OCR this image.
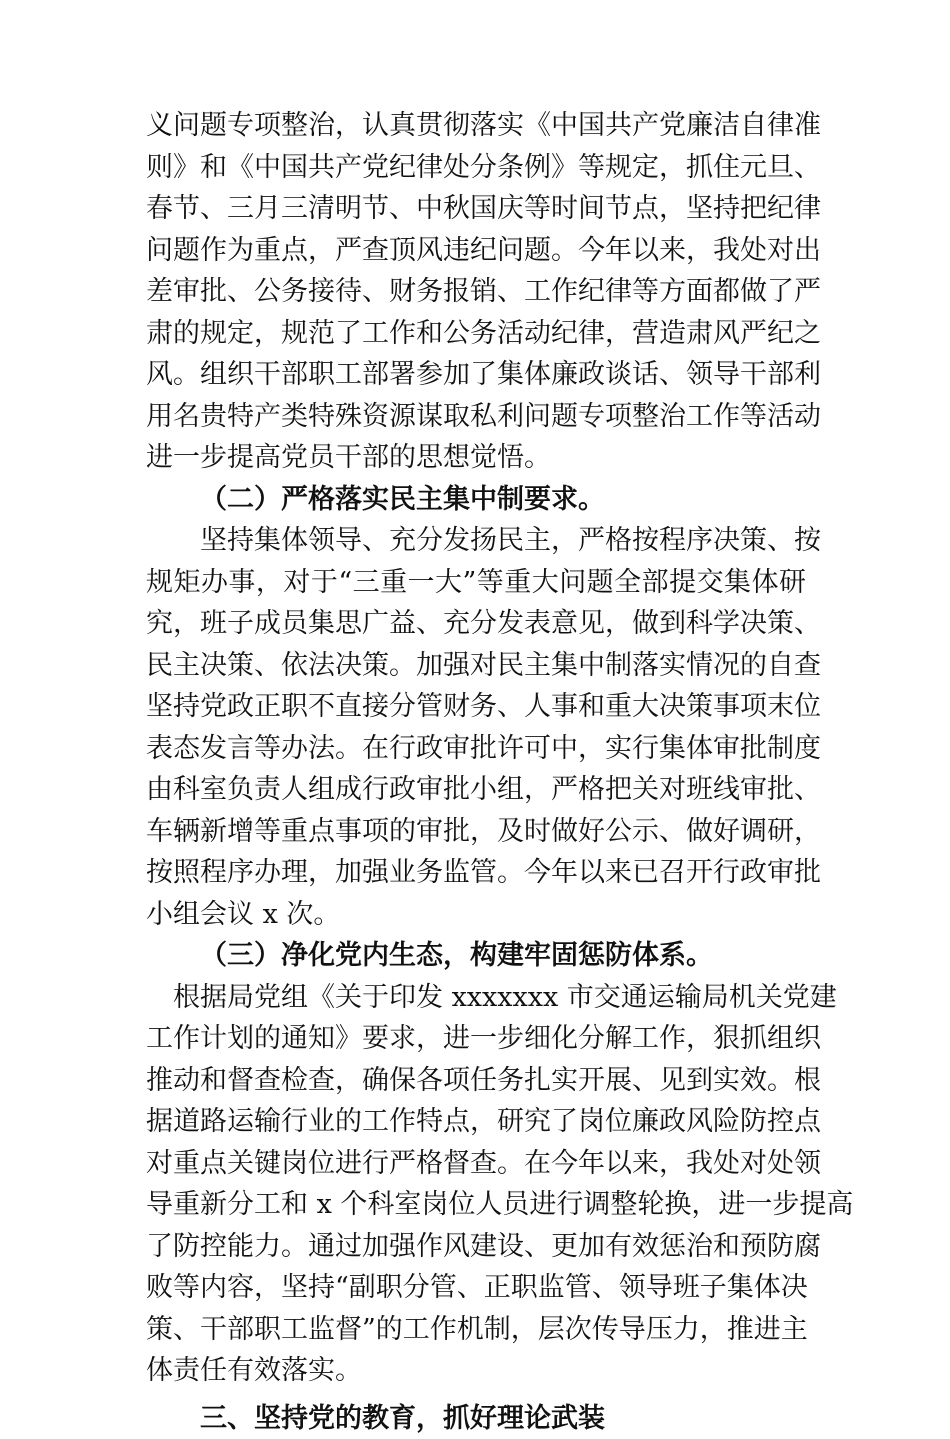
义问题专项整治，认真贯彻落实《中国共产党廉洁自律准
则》和《中国共产党纪律处分条例》等规定，抓住元旦、
春节、三月三清明节、中秋国庆等时间节点，坚持把纪律
问题作为重点，严查顶风违纪问题。今年以来，我处对出
差审批、公务接待、财务报销、工作纪律等方面都做了严
肃的规定，规范了工作和公务活动纪律，营造肃风严纪之
风。组织干部职工部署参加了集体廉政谈话、领导干部利
用名贵特产类特殊资源谋取私利问题专项整治工作等活动
进一步提高党员干部的思想觉悟。
（二）严格落实民主集中制要求。
坚持集体领导、充分发扬民主，严格按程序决策、按
规矩办事，对于“三重一大”等重大问题全部提交集体研
究，班子成员集思广益、充分发表意见，做到科学决策、
民主决策、依法决策。加强对民主集中制落实情况的自查
坚持党政正职不直接分管财务、人事和重大决策事项末位
表态发言等办法。在行政审批许可中，实行集体审批制度
由科室负责人组成行政审批小组，严格把关对班线审批、
车辆新增等重点事项的审批，及时做好公示、做好调研，
按照程序办理，加强业务监管。今年以来已召开行政审批
小组会议 x 次。
（三）净化党内生态，构建牢固惩防体系。
根据局党组《关于印发 xxxxxxx 市交通运输局机关党建
工作计划的通知》要求，进一步细化分解工作，狠抓组织
推动和督查检查，确保各项任务扎实开展、见到实效。根
据道路运输行业的工作特点，研究了岗位廉政风险防控点
对重点关键岗位进行严格督查。在今年以来，我处对处领
导重新分工和 x 个科室岗位人员进行调整轮换，进一步提高
了防控能力。通过加强作风建设、更加有效惩治和预防腐
败等内容，坚持“副职分管、正职监管、领导班子集体决
策、干部职工监督”的工作机制，层次传导压力，推进主
体责任有效落实。
三、坚持党的教育，抓好理论武装
